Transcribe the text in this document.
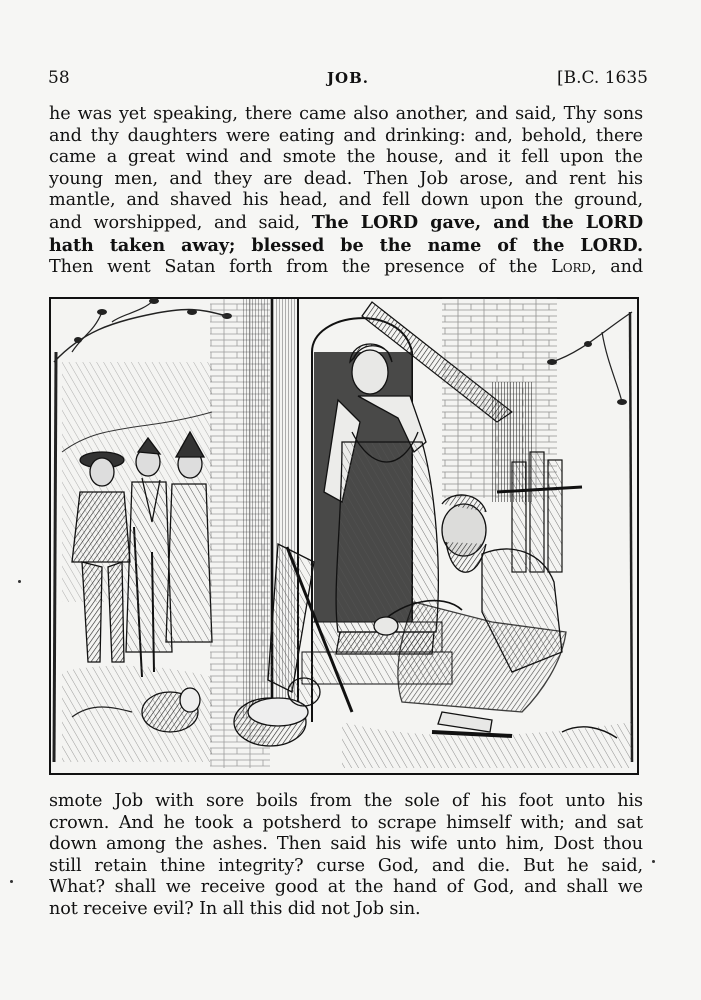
58	JOB.	[B.C. 1635
he was yet speaking, there came also another, and said, Thy sons
and thy daughters were eating and drinking: and, behold, there
came a great wind and smote the house, and it fell upon the
young men, and they are dead. Then Job arose, and rent his
mantle, and shaved his head, and fell down upon the ground,
and worshipped, and said, The LORD gave, and the LORD
hath taken away; blessed be the name of the LORD.
Then went Satan forth from the presence of the Lord, and
smote Job with sore boils from the sole of his foot unto his
crown. And he took a potsherd to scrape himself with; and sat
down among the ashes. Then said his wife unto him, Dost thou
still retain thine integrity? curse God, and die. But he said,
What? shall we receive good at the hand of God, and shall we
not receive evil? In all this did not Job sin.
